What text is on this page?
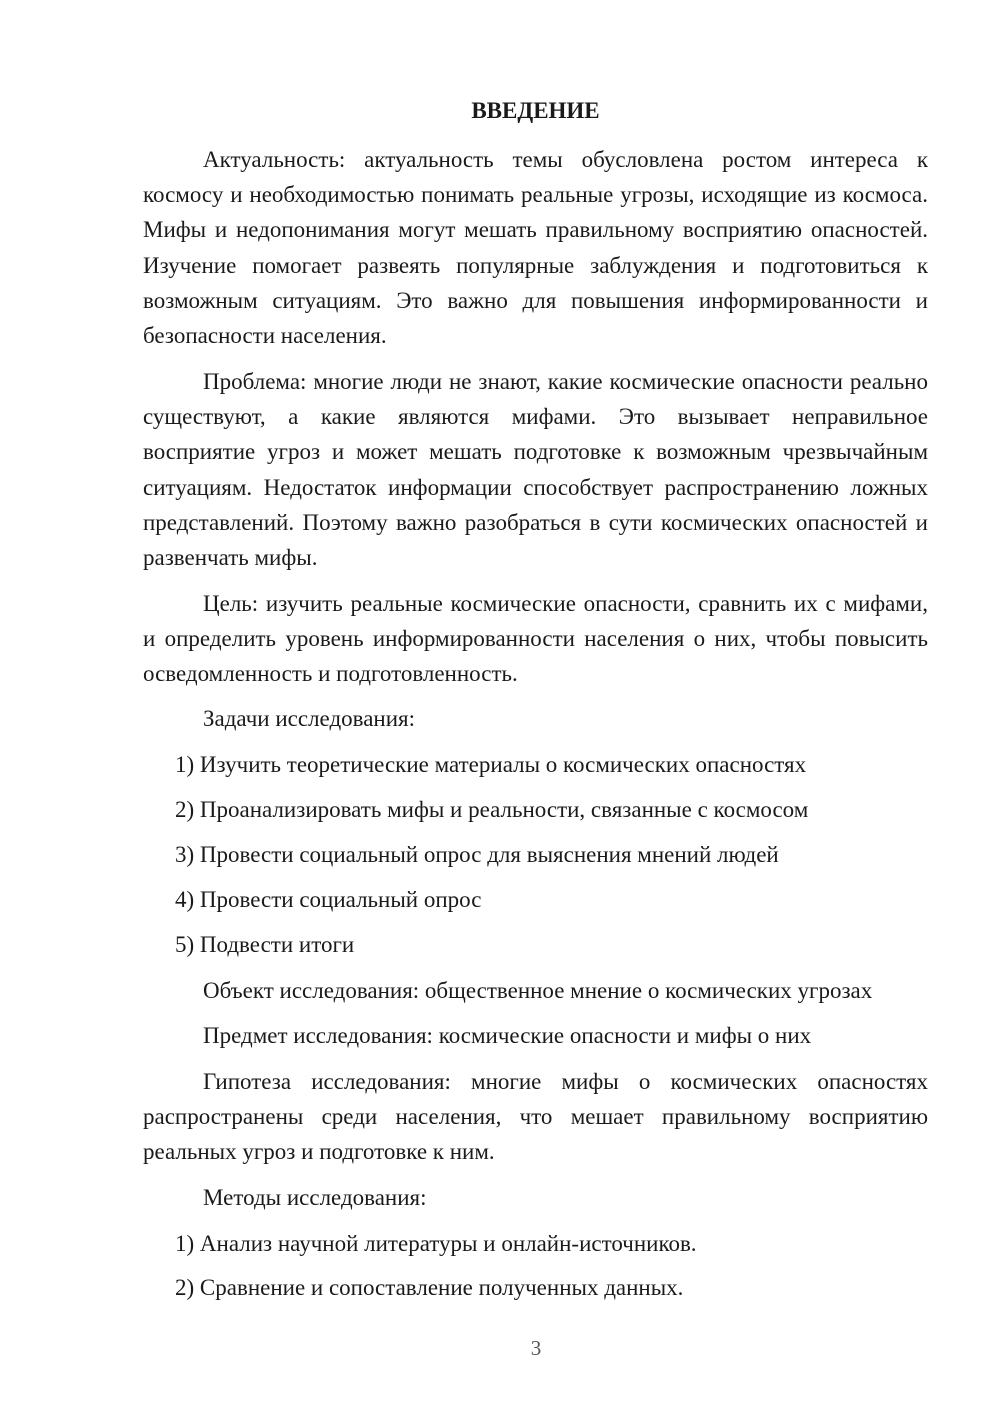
ВВЕДЕНИЕ

Актуальность: актуальность темы обусловлена ростом интереса к космосу и необходимостью понимать реальные угрозы, исходящие из космоса. Мифы и недопонимания могут мешать правильному восприятию опасностей. Изучение помогает развеять популярные заблуждения и подготовиться к возможным ситуациям. Это важно для повышения информированности и безопасности населения.

Проблема: многие люди не знают, какие космические опасности реально существуют, а какие являются мифами. Это вызывает неправильное восприятие угроз и может мешать подготовке к возможным чрезвычайным ситуациям. Недостаток информации способствует распространению ложных представлений. Поэтому важно разобраться в сути космических опасностей и развенчать мифы.

Цель: изучить реальные космические опасности, сравнить их с мифами, и определить уровень информированности населения о них, чтобы повысить осведомленность и подготовленность.

Задачи исследования:

1) Изучить теоретические материалы о космических опасностях

2) Проанализировать мифы и реальности, связанные с космосом

3) Провести социальный опрос для выяснения мнений людей

4) Провести социальный опрос

5) Подвести итоги

Объект исследования: общественное мнение о космических угрозах

Предмет исследования: космические опасности и мифы о них

Гипотеза исследования: многие мифы о космических опасностях распространены среди населения, что мешает правильному восприятию реальных угроз и подготовке к ним.

Методы исследования:

1) Анализ научной литературы и онлайн-источников.

2) Сравнение и сопоставление полученных данных.

3
